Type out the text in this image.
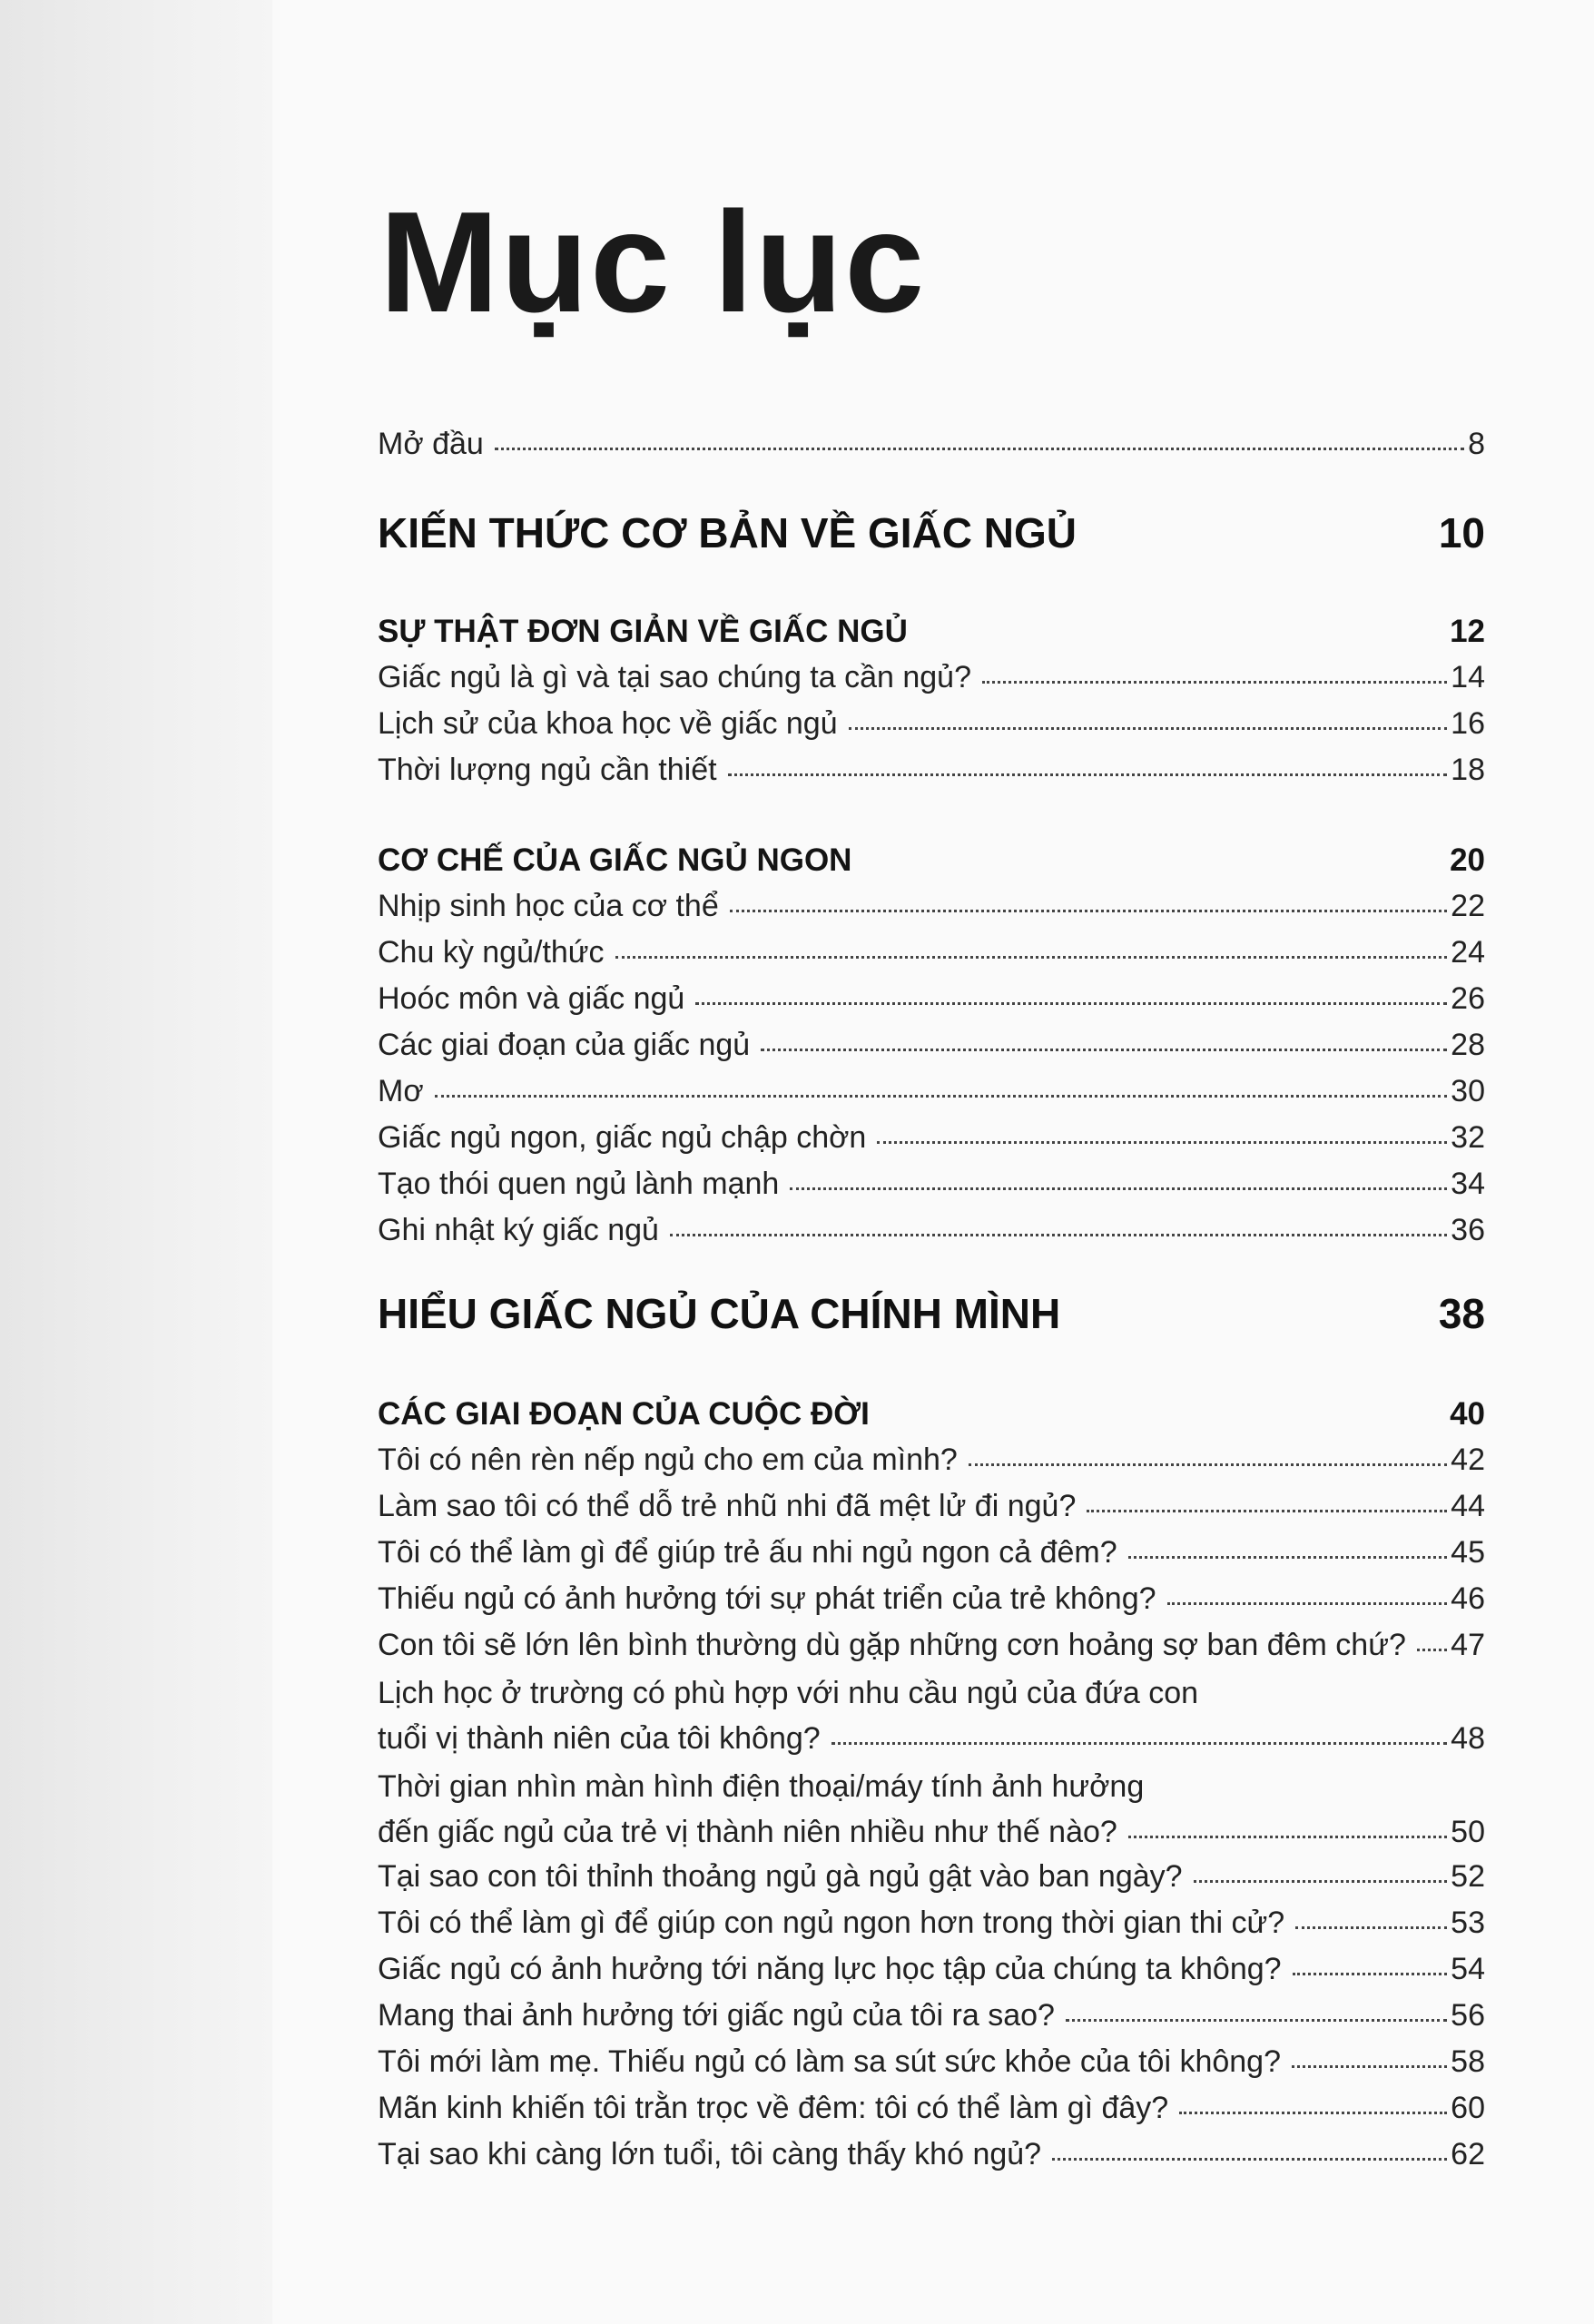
Mục lục
Mở đầu	8
KIẾN THỨC CƠ BẢN VỀ GIẤC NGỦ	10
SỰ THẬT ĐƠN GIẢN VỀ GIẤC NGỦ	12
Giấc ngủ là gì và tại sao chúng ta cần ngủ?	14
Lịch sử của khoa học về giấc ngủ	16
Thời lượng ngủ cần thiết	18
CƠ CHẾ CỦA GIẤC NGỦ NGON	20
Nhịp sinh học của cơ thể	22
Chu kỳ ngủ/thức	24
Hoóc môn và giấc ngủ	26
Các giai đoạn của giấc ngủ	28
Mơ	30
Giấc ngủ ngon, giấc ngủ chập chờn	32
Tạo thói quen ngủ lành mạnh	34
Ghi nhật ký giấc ngủ	36
HIỂU GIẤC NGỦ CỦA CHÍNH MÌNH	38
CÁC GIAI ĐOẠN CỦA CUỘC ĐỜI	40
Tôi có nên rèn nếp ngủ cho em của mình?	42
Làm sao tôi có thể dỗ trẻ nhũ nhi đã mệt lử đi ngủ?	44
Tôi có thể làm gì để giúp trẻ ấu nhi ngủ ngon cả đêm?	45
Thiếu ngủ có ảnh hưởng tới sự phát triển của trẻ không?	46
Con tôi sẽ lớn lên bình thường dù gặp những cơn hoảng sợ ban đêm chứ? 47
Lịch học ở trường có phù hợp với nhu cầu ngủ của đứa con
tuổi vị thành niên của tôi không?	48
Thời gian nhìn màn hình điện thoại/máy tính ảnh hưởng
đến giấc ngủ của trẻ vị thành niên nhiều như thế nào?	50
Tại sao con tôi thỉnh thoảng ngủ gà ngủ gật vào ban ngày?	52
Tôi có thể làm gì để giúp con ngủ ngon hơn trong thời gian thi cử?	53
Giấc ngủ có ảnh hưởng tới năng lực học tập của chúng ta không?	54
Mang thai ảnh hưởng tới giấc ngủ của tôi ra sao?	56
Tôi mới làm mẹ. Thiếu ngủ có làm sa sút sức khỏe của tôi không?	58
Mãn kinh khiến tôi trằn trọc về đêm: tôi có thể làm gì đây?	60
Tại sao khi càng lớn tuổi, tôi càng thấy khó ngủ?	62
